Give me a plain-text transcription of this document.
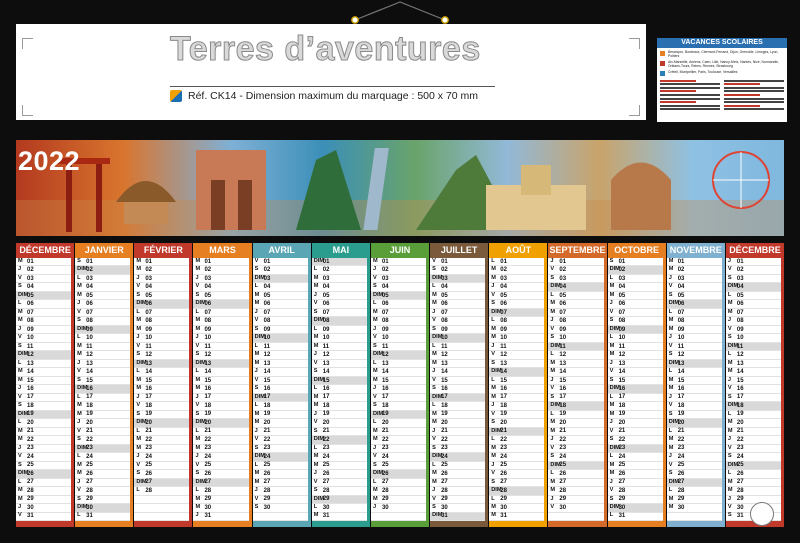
Terres d’aventures
Réf. CK14 - Dimension maximum du marquage : 500 x 70 mm
VACANCES SCOLAIRES
Besançon, Bordeaux, Clermont-Ferrand, Dijon, Grenoble, Limoges, Lyon, Poitiers
Aix-Marseille, Amiens, Caen, Lille, Nancy-Metz, Nantes, Nice, Normandie, Orléans-Tours, Reims, Rennes, Strasbourg
Créteil, Montpellier, Paris, Toulouse, Versailles
2022
DÉCEMBRE
M 01
J 02
V 03
S 04
DIM
05
L 06
M 07
M 08
J 09
V 10
S 11
DIM
12
L 13
M 14
M 15
J 16
V 17
S 18
DIM
19
L 20
M 21
M 22
J 23
V 24
S 25
DIM
26
L 27
M 28
M 29
J 30
V 31
JANVIER
S 01
DIM
02
L 03
M 04
M 05
J 06
V 07
S 08
DIM
09
L 10
M 11
M 12
J 13
V 14
S 15
DIM
16
L 17
M 18
M 19
J 20
V 21
S 22
DIM
23
L 24
M 25
M 26
J 27
V 28
S 29
DIM
30
L 31
FÉVRIER
M 01
M 02
J 03
V 04
S 05
DIM
06
L 07
M 08
M 09
J 10
V 11
S 12
DIM
13
L 14
M 15
M 16
J 17
V 18
S 19
DIM
20
L 21
M 22
M 23
J 24
V 25
S 26
DIM
27
L 28
MARS
M 01
M 02
J 03
V 04
S 05
DIM
06
L 07
M 08
M 09
J 10
V 11
S 12
DIM
13
L 14
M 15
M 16
J 17
V 18
S 19
DIM
20
L 21
M 22
M 23
J 24
V 25
S 26
DIM
27
L 28
M 29
M 30
J 31
AVRIL
V 01
S 02
DIM
03
L 04
M 05
M 06
J 07
V 08
S 09
DIM
10
L 11
M 12
M 13
J 14
V 15
S 16
DIM
17
L 18
M 19
M 20
J 21
V 22
S 23
DIM
24
L 25
M 26
M 27
J 28
V 29
S 30
MAI
DIM
01
L 02
M 03
M 04
J 05
V 06
S 07
DIM
08
L 09
M 10
M 11
J 12
V 13
S 14
DIM
15
L 16
M 17
M 18
J 19
V 20
S 21
DIM
22
L 23
M 24
M 25
J 26
V 27
S 28
DIM
29
L 30
M 31
JUIN
M 01
J 02
V 03
S 04
DIM
05
L 06
M 07
M 08
J 09
V 10
S 11
DIM
12
L 13
M 14
M 15
J 16
V 17
S 18
DIM
19
L 20
M 21
M 22
J 23
V 24
S 25
DIM
26
L 27
M 28
M 29
J 30
JUILLET
V 01
S 02
DIM
03
L 04
M 05
M 06
J 07
V 08
S 09
DIM
10
L 11
M 12
M 13
J 14
V 15
S 16
DIM
17
L 18
M 19
M 20
J 21
V 22
S 23
DIM
24
L 25
M 26
M 27
J 28
V 29
S 30
DIM
31
AOÛT
L 01
M 02
M 03
J 04
V 05
S 06
DIM
07
L 08
M 09
M 10
J 11
V 12
S 13
DIM
14
L 15
M 16
M 17
J 18
V 19
S 20
DIM
21
L 22
M 23
M 24
J 25
V 26
S 27
DIM
28
L 29
M 30
M 31
SEPTEMBRE
J 01
V 02
S 03
DIM
04
L 05
M 06
M 07
J 08
V 09
S 10
DIM
11
L 12
M 13
M 14
J 15
V 16
S 17
DIM
18
L 19
M 20
M 21
J 22
V 23
S 24
DIM
25
L 26
M 27
M 28
J 29
V 30
OCTOBRE
S 01
DIM
02
L 03
M 04
M 05
J 06
V 07
S 08
DIM
09
L 10
M 11
M 12
J 13
V 14
S 15
DIM
16
L 17
M 18
M 19
J 20
V 21
S 22
DIM
23
L 24
M 25
M 26
J 27
V 28
S 29
DIM
30
L 31
NOVEMBRE
M 01
M 02
J 03
V 04
S 05
DIM
06
L 07
M 08
M 09
J 10
V 11
S 12
DIM
13
L 14
M 15
M 16
J 17
V 18
S 19
DIM
20
L 21
M 22
M 23
J 24
V 25
S 26
DIM
27
L 28
M 29
M 30
DÉCEMBRE
J 01
V 02
S 03
DIM
04
L 05
M 06
M 07
J 08
V 09
S 10
DIM
11
L 12
M 13
M 14
J 15
V 16
S 17
DIM
18
L 19
M 20
M 21
J 22
V 23
S 24
DIM
25
L 26
M 27
M 28
J 29
V 30
S 31
